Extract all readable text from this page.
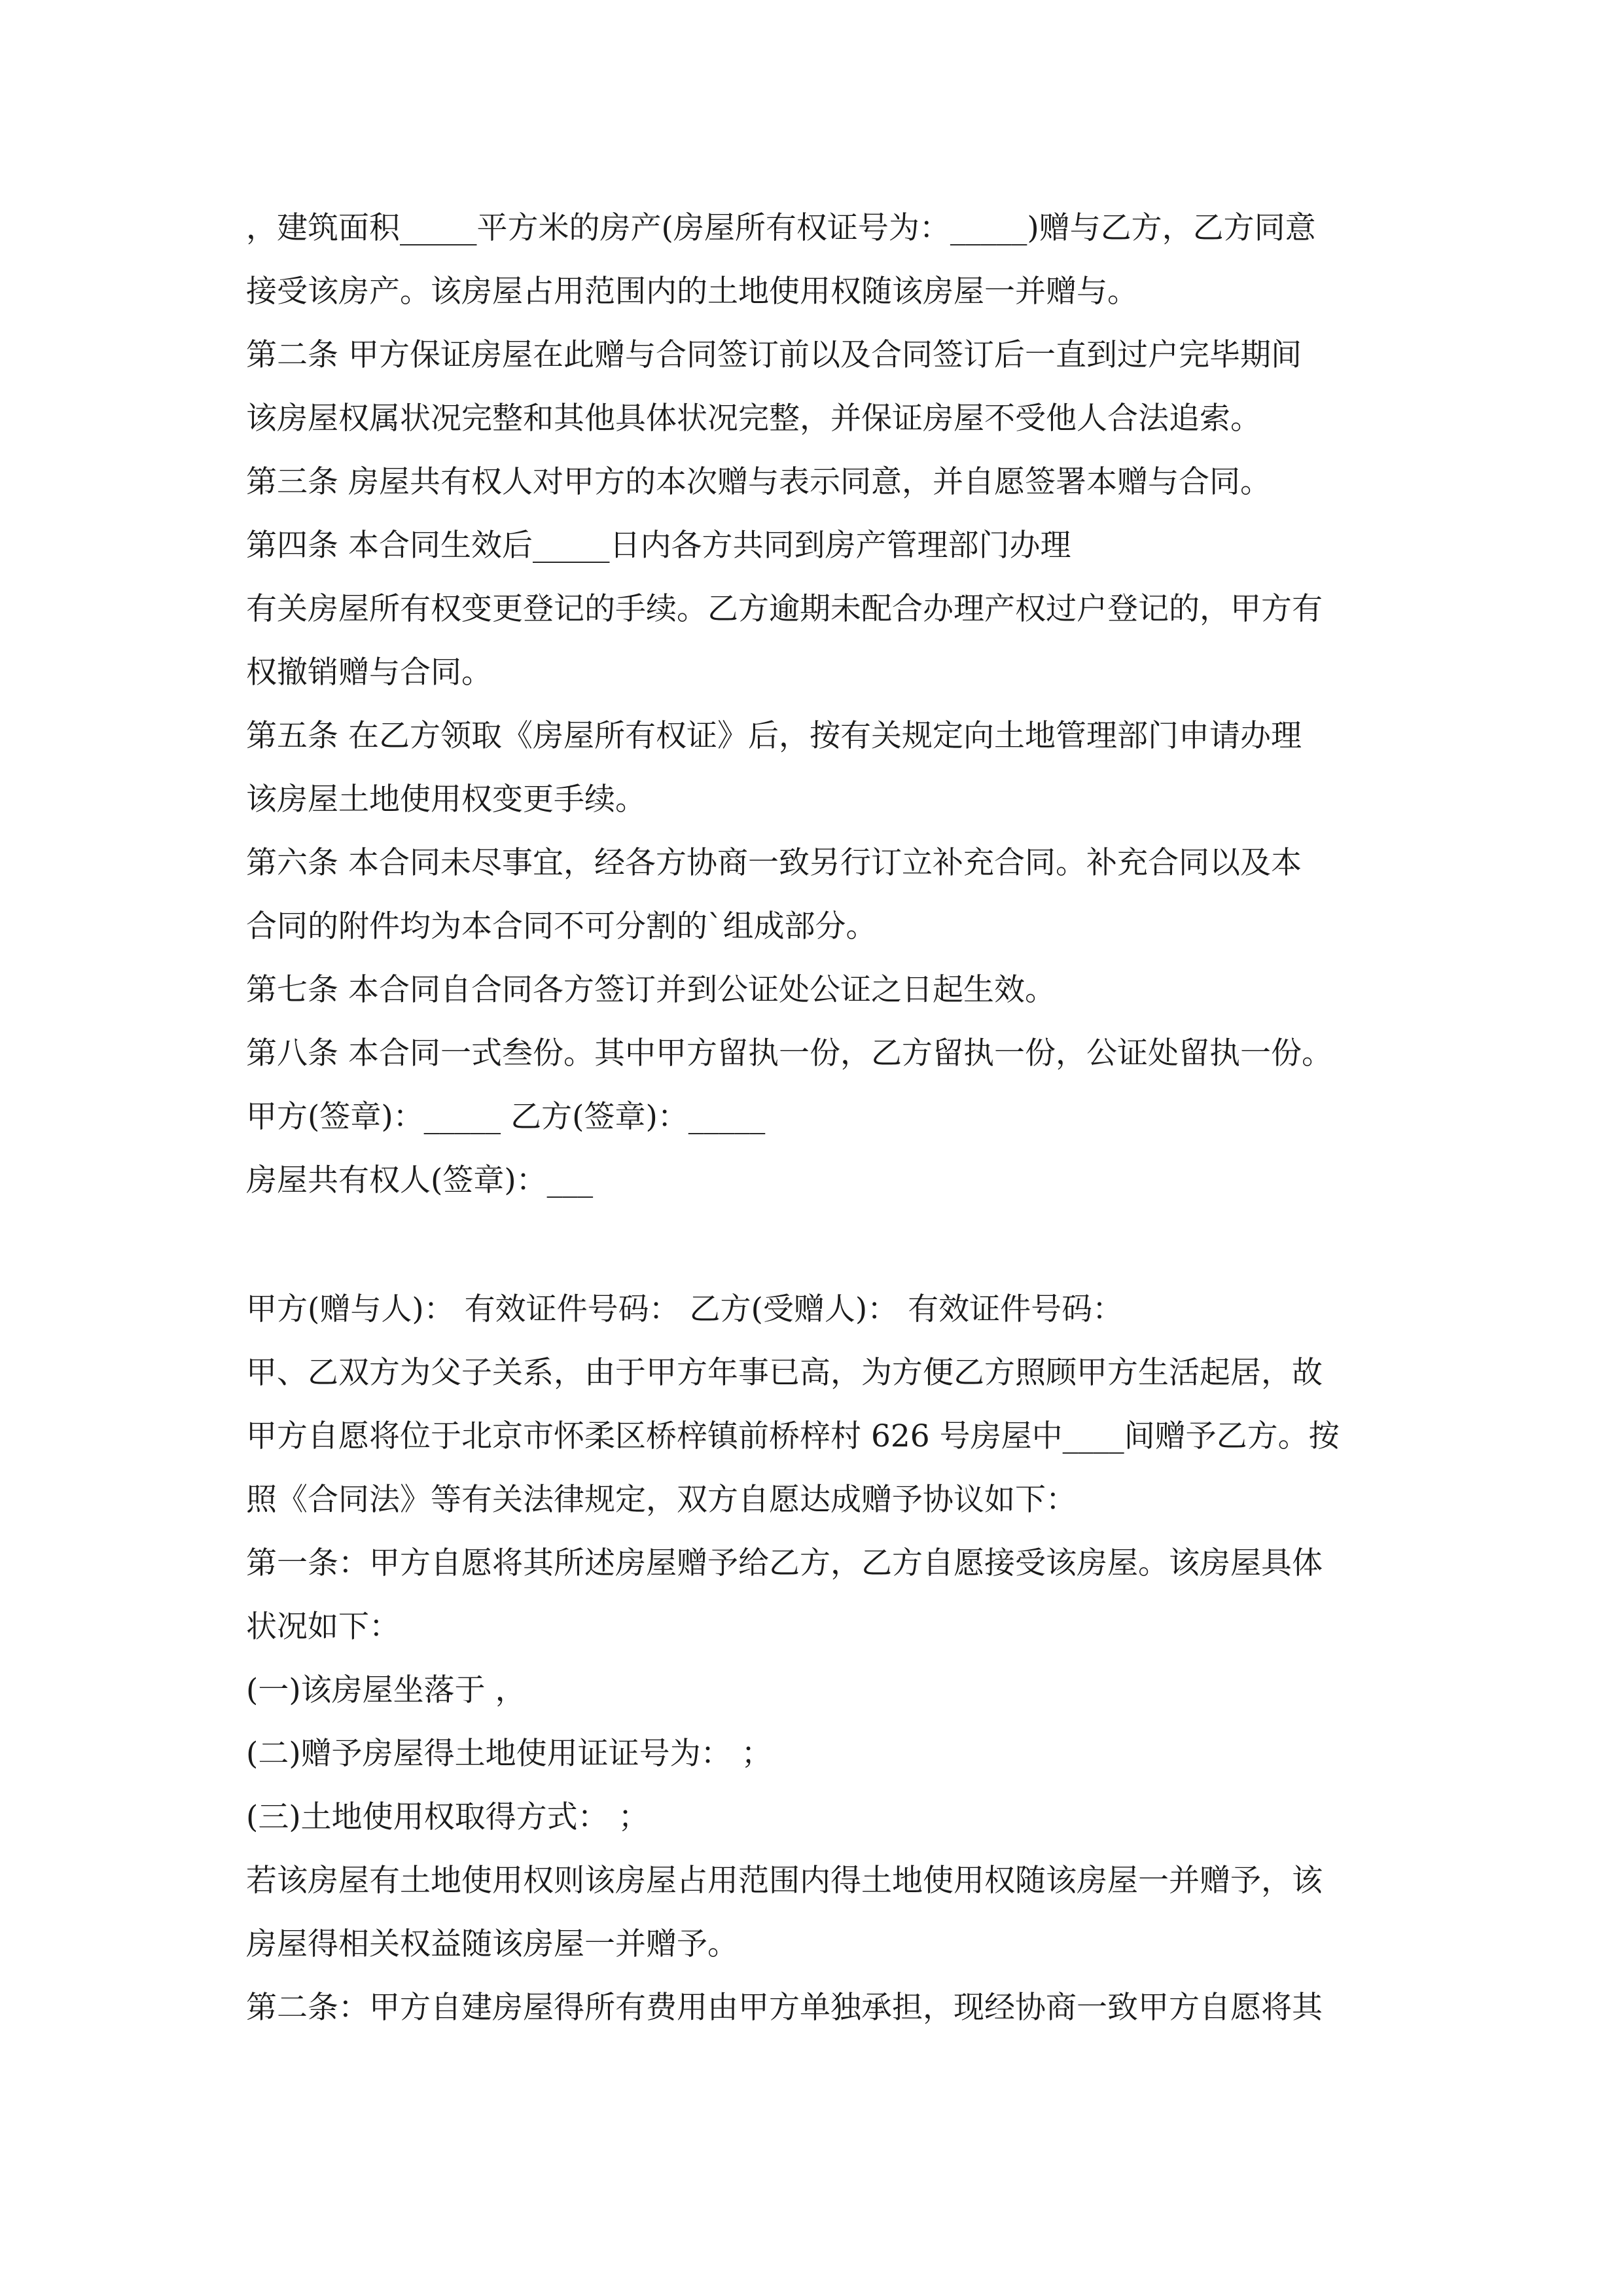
，建筑面积_____平方米的房产(房屋所有权证号为：_____)赠与乙方，乙方同意
接受该房产。该房屋占用范围内的土地使用权随该房屋一并赠与。
第二条 甲方保证房屋在此赠与合同签订前以及合同签订后一直到过户完毕期间
该房屋权属状况完整和其他具体状况完整，并保证房屋不受他人合法追索。
第三条 房屋共有权人对甲方的本次赠与表示同意，并自愿签署本赠与合同。
第四条 本合同生效后_____日内各方共同到房产管理部门办理
有关房屋所有权变更登记的手续。乙方逾期未配合办理产权过户登记的，甲方有
权撤销赠与合同。
第五条 在乙方领取《房屋所有权证》后，按有关规定向土地管理部门申请办理
该房屋土地使用权变更手续。
第六条 本合同未尽事宜，经各方协商一致另行订立补充合同。补充合同以及本
合同的附件均为本合同不可分割的`组成部分。
第七条 本合同自合同各方签订并到公证处公证之日起生效。
第八条 本合同一式叁份。其中甲方留执一份，乙方留执一份，公证处留执一份。
甲方(签章)：_____ 乙方(签章)：_____
房屋共有权人(签章)：___
甲方(赠与人)： 有效证件号码： 乙方(受赠人)： 有效证件号码：
甲、乙双方为父子关系，由于甲方年事已高，为方便乙方照顾甲方生活起居，故
甲方自愿将位于北京市怀柔区桥梓镇前桥梓村 626 号房屋中____间赠予乙方。按
照《合同法》等有关法律规定，双方自愿达成赠予协议如下：
第一条：甲方自愿将其所述房屋赠予给乙方，乙方自愿接受该房屋。该房屋具体
状况如下：
(一)该房屋坐落于 ，
(二)赠予房屋得土地使用证证号为： ；
(三)土地使用权取得方式： ；
若该房屋有土地使用权则该房屋占用范围内得土地使用权随该房屋一并赠予，该
房屋得相关权益随该房屋一并赠予。
第二条：甲方自建房屋得所有费用由甲方单独承担，现经协商一致甲方自愿将其
